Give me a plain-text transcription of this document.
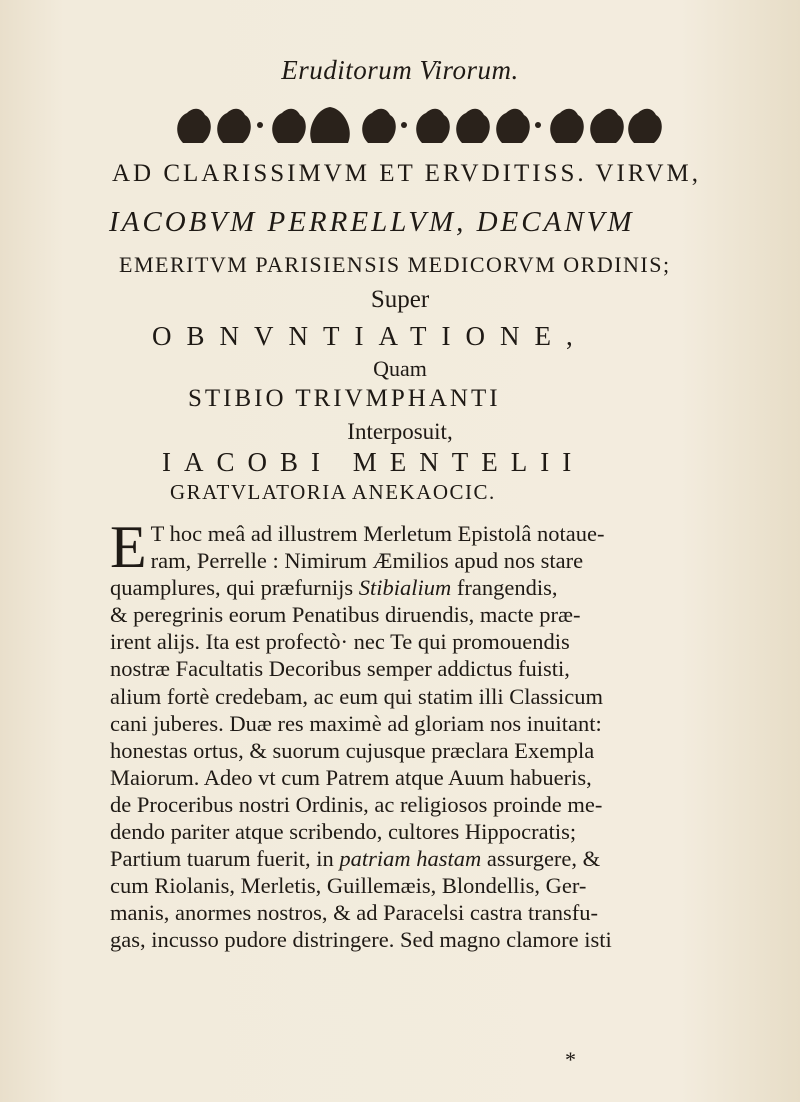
Eruditorum Virorum.
AD CLARISSIMVM ET ERVDITISS. VIRVM,
IACOBVM PERRELLVM, DECANVM
EMERITVM PARISIENSIS MEDICORVM ORDINIS;
Super
OBNVNTIATIONE,
Quam
STIBIO TRIVMPHANTI
Interposuit,
IACOBI MENTELII
GRATVLATORIA ANEKAOCIC.
E T hoc meâ ad illustrem Merletum Epistolâ notaue-

ram, Perrelle : Nimirum Æmilios apud nos stare

quamplures, qui præfurnijs Stibialium frangendis,

& peregrinis eorum Penatibus diruendis, macte præ-

irent alijs. Ita est profectò· nec Te qui promouendis

nostræ Facultatis Decoribus semper addictus fuisti,

alium fortè credebam, ac eum qui statim illi Classicum

cani juberes. Duæ res maximè ad gloriam nos inuitant:

honestas ortus, & suorum cujusque præclara Exempla

Maiorum. Adeo vt cum Patrem atque Auum habueris,

de Proceribus nostri Ordinis, ac religiosos proinde me-

dendo pariter atque scribendo, cultores Hippocratis;

Partium tuarum fuerit, in patriam hastam assurgere, &

cum Riolanis, Merletis, Guillemæis, Blondellis, Ger-

manis, anormes nostros, & ad Paracelsi castra transfu-

gas, incusso pudore distringere. Sed magno clamore isti

*
